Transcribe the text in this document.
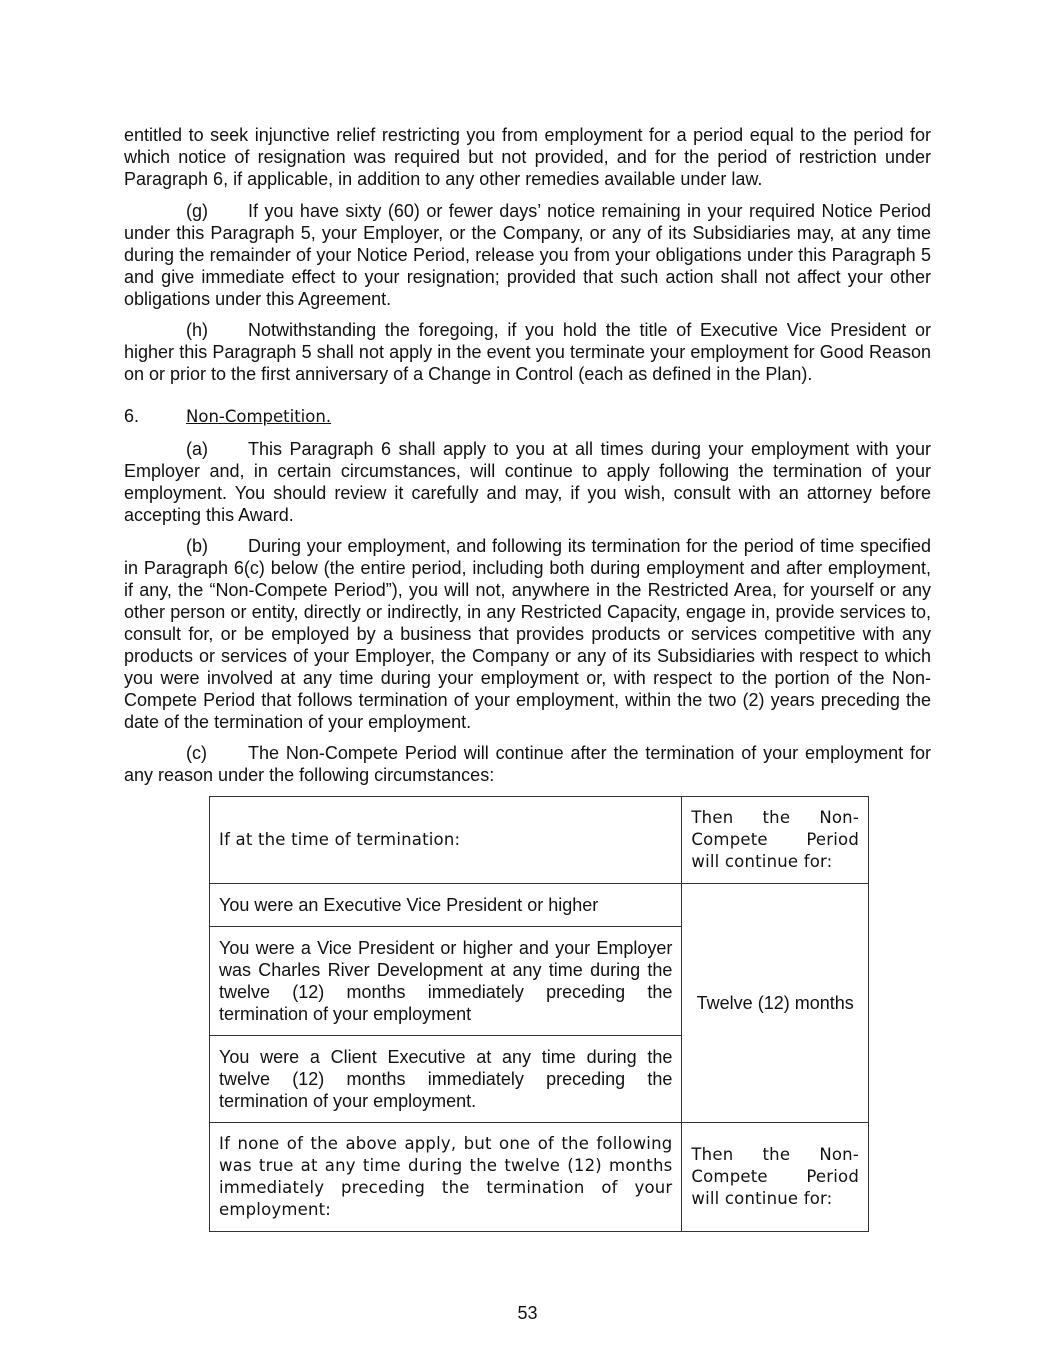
entitled to seek injunctive relief restricting you from employment for a period equal to the period for which notice of resignation was required but not provided, and for the period of restriction under Paragraph 6, if applicable, in addition to any other remedies available under law.

(g) If you have sixty (60) or fewer days’ notice remaining in your required Notice Period under this Paragraph 5, your Employer, or the Company, or any of its Subsidiaries may, at any time during the remainder of your Notice Period, release you from your obligations under this Paragraph 5 and give immediate effect to your resignation; provided that such action shall not affect your other obligations under this Agreement.

(h) Notwithstanding the foregoing, if you hold the title of Executive Vice President or higher this Paragraph 5 shall not apply in the event you terminate your employment for Good Reason on or prior to the first anniversary of a Change in Control (each as defined in the Plan).

6.	Non-Competition.

(a) This Paragraph 6 shall apply to you at all times during your employment with your Employer and, in certain circumstances, will continue to apply following the termination of your employment. You should review it carefully and may, if you wish, consult with an attorney before accepting this Award.

(b) During your employment, and following its termination for the period of time specified in Paragraph 6(c) below (the entire period, including both during employment and after employment, if any, the “Non-Compete Period”), you will not, anywhere in the Restricted Area, for yourself or any other person or entity, directly or indirectly, in any Restricted Capacity, engage in, provide services to, consult for, or be employed by a business that provides products or services competitive with any products or services of your Employer, the Company or any of its Subsidiaries with respect to which you were involved at any time during your employment or, with respect to the portion of the Non-Compete Period that follows termination of your employment, within the two (2) years preceding the date of the termination of your employment.

(c) The Non-Compete Period will continue after the termination of your employment for any reason under the following circumstances:

If at the time of termination:	Then the Non-Compete Period will continue for:
You were an Executive Vice President or higher	Twelve (12) months
You were a Vice President or higher and your Employer was Charles River Development at any time during the twelve (12) months immediately preceding the termination of your employment	
You were a Client Executive at any time during the twelve (12) months immediately preceding the termination of your employment.	
If none of the above apply, but one of the following was true at any time during the twelve (12) months immediately preceding the termination of your employment:	Then the Non-Compete Period will continue for:
53
